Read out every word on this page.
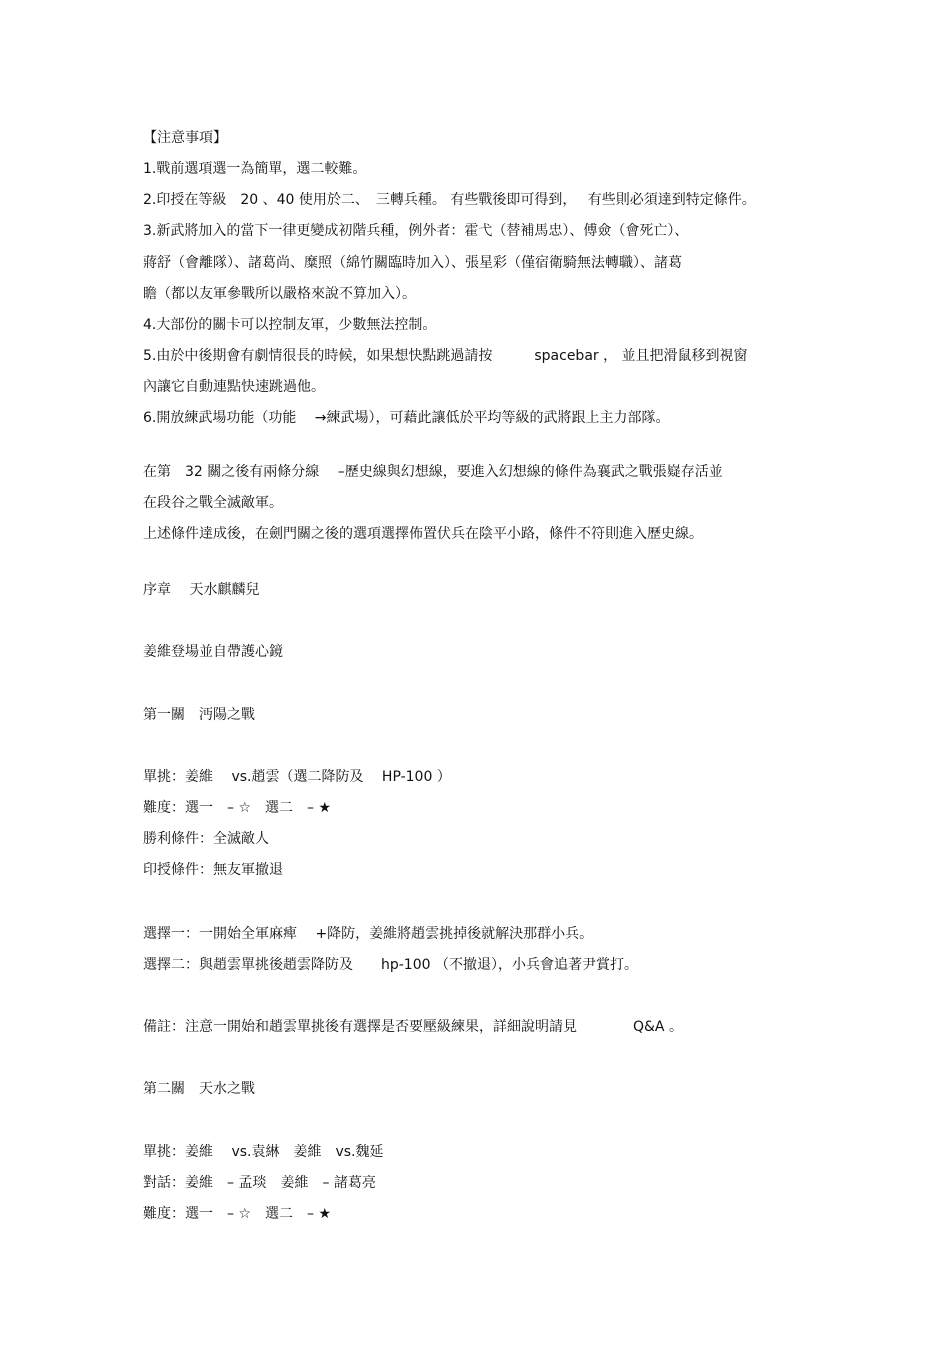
【注意事項】
1.戰前選項選一為簡單，選二較難。
2.印授在等級　20 、40 使用於二、　三轉兵種。 有些戰後即可得到，　 有些則必須達到特定條件。
3.新武將加入的當下一律更變成初階兵種，例外者：霍弋（替補馬忠）、傅僉（會死亡）、
蔣舒（會離隊）、諸葛尚、糜照（綿竹關臨時加入）、張星彩（僅宿衛騎無法轉職）、諸葛
瞻（都以友軍參戰所以嚴格來說不算加入）。
4.大部份的關卡可以控制友軍，少數無法控制。
5.由於中後期會有劇情很長的時候，如果想快點跳過請按　　　spacebar ， 並且把滑鼠移到視窗
內讓它自動連點快速跳過他。
6.開放練武場功能（功能　 →練武場），可藉此讓低於平均等級的武將跟上主力部隊。
在第　32 關之後有兩條分線　 –歷史線與幻想線，要進入幻想線的條件為襄武之戰張嶷存活並
在段谷之戰全滅敵軍。
上述條件達成後，在劍門關之後的選項選擇佈置伏兵在陰平小路，條件不符則進入歷史線。
序章　 天水麒麟兒
姜維登場並自帶護心鏡
第一關　沔陽之戰
單挑：姜維　 vs.趙雲（選二降防及　 HP-100 ）
難度：選一　– ☆　選二　– ★
勝利條件：全滅敵人
印授條件：無友軍撤退
選擇一：一開始全軍麻痺　 +降防，姜維將趙雲挑掉後就解決那群小兵。
選擇二：與趙雲單挑後趙雲降防及　　hp-100 （不撤退），小兵會追著尹賞打。
備註：注意一開始和趙雲單挑後有選擇是否要壓級練果，詳細說明請見　　　　Q&A 。
第二關　天水之戰
單挑：姜維　 vs.袁綝　姜維　vs.魏延
對話：姜維　– 孟琰　姜維　– 諸葛亮
難度：選一　– ☆　選二　– ★
